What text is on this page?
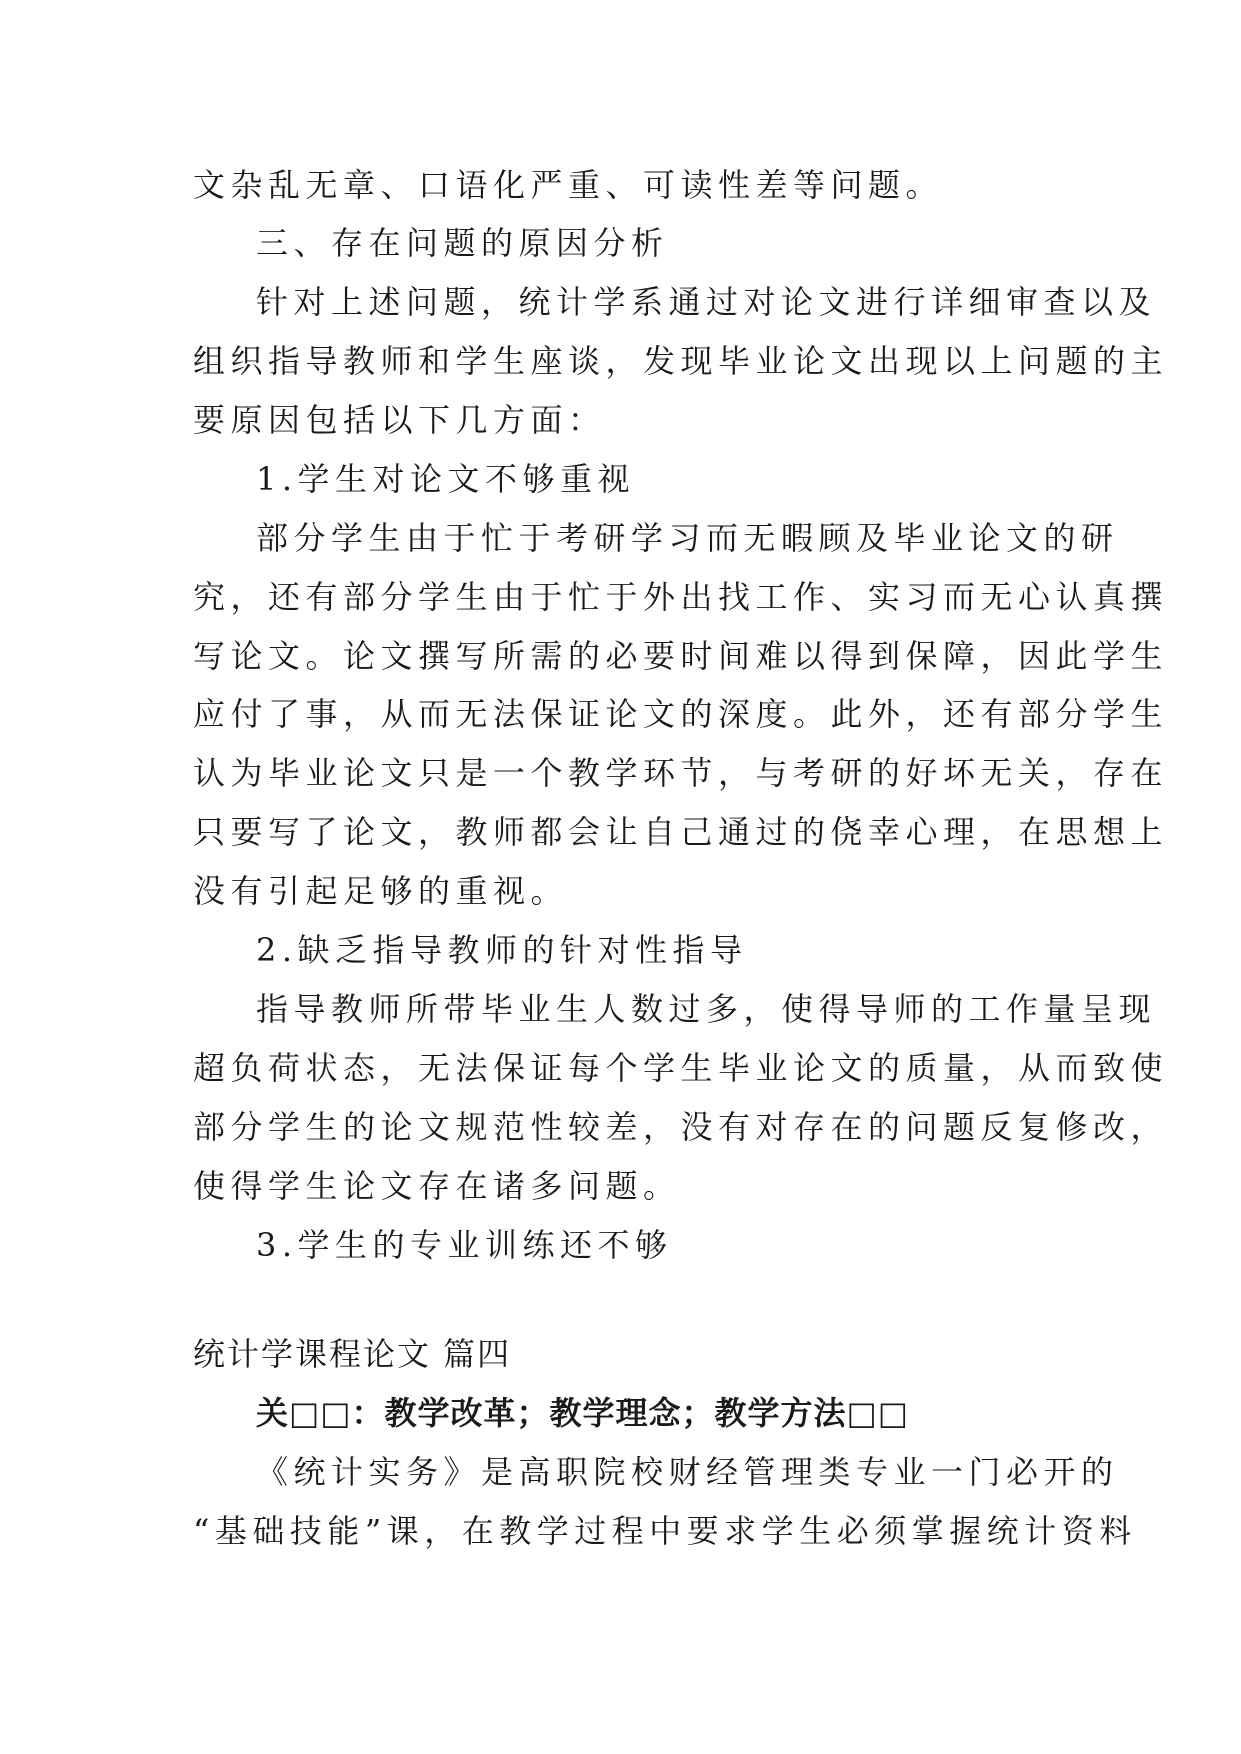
文杂乱无章、口语化严重、可读性差等问题。
三、存在问题的原因分析
针对上述问题，统计学系通过对论文进行详细审查以及
组织指导教师和学生座谈，发现毕业论文出现以上问题的主
要原因包括以下几方面：
1.学生对论文不够重视
部分学生由于忙于考研学习而无暇顾及毕业论文的研
究，还有部分学生由于忙于外出找工作、实习而无心认真撰
写论文。论文撰写所需的必要时间难以得到保障，因此学生
应付了事，从而无法保证论文的深度。此外，还有部分学生
认为毕业论文只是一个教学环节，与考研的好坏无关，存在
只要写了论文，教师都会让自己通过的侥幸心理，在思想上
没有引起足够的重视。
2.缺乏指导教师的针对性指导
指导教师所带毕业生人数过多，使得导师的工作量呈现
超负荷状态，无法保证每个学生毕业论文的质量，从而致使
部分学生的论文规范性较差，没有对存在的问题反复修改，
使得学生论文存在诸多问题。
3.学生的专业训练还不够
统计学课程论文 篇四
关□□：教学改革；教学理念；教学方法□□
《统计实务》是高职院校财经管理类专业一门必开的
“基础技能”课，在教学过程中要求学生必须掌握统计资料
